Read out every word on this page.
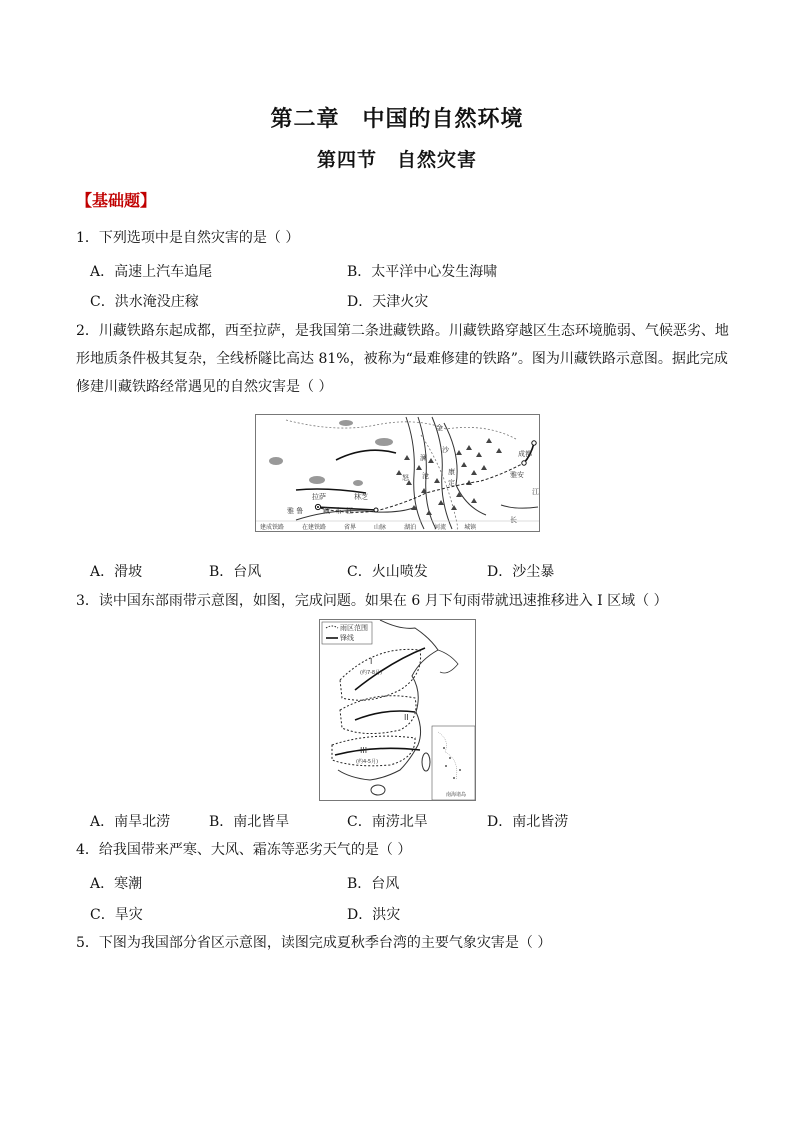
第二章　中国的自然环境
第四节　自然灾害
【基础题】
1．下列选项中是自然灾害的是（ ）
A．高速上汽车追尾	B．太平洋中心发生海啸
C．洪水淹没庄稼	D．天津火灾
2．川藏铁路东起成都，西至拉萨，是我国第二条进藏铁路。川藏铁路穿越区生态环境脆弱、气候恶劣、地
形地质条件极其复杂，全线桥隧比高达 81%，被称为“最难修建的铁路”。图为川藏铁路示意图。据此完成
修建川藏铁路经常遇见的自然灾害是（ ）
成都
雅安
拉萨	林芝
雅 鲁	藏 布 江
金
沙
澜
沧
怒
康
定
长
江
建成铁路	在建铁路	省界	山脉	湖泊	河流	城镇
A．滑坡	B．台风	C．火山喷发	D．沙尘暴
3．读中国东部雨带示意图，如图，完成问题。如果在 6 月下旬雨带就迅速推移进入 I 区域（ ）
雨区范围
锋线
I
II
III
(约7-8月)
(约4-5月)
南海诸岛
A．南旱北涝	B．南北皆旱	C．南涝北旱	D．南北皆涝
4．给我国带来严寒、大风、霜冻等恶劣天气的是（ ）
A．寒潮	B．台风
C．旱灾	D．洪灾
5．下图为我国部分省区示意图，读图完成夏秋季台湾的主要气象灾害是（ ）
